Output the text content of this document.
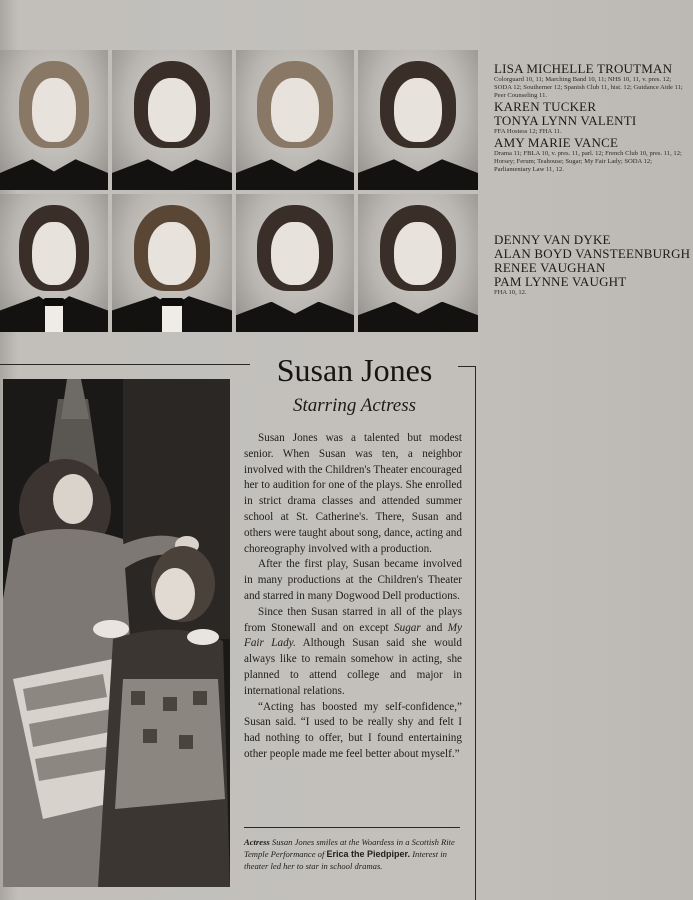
LISA MICHELLE TROUTMAN
Colorguard 10, 11; Marching Band 10, 11; NHS 10, 11, v. pres. 12; SODA 12; Southerner 12; Spanish Club 11, hist. 12; Guidance Aide 11; Peer Counseling 11.
KAREN TUCKER
TONYA LYNN VALENTI
FFA Hostess 12; FHA 11.
AMY MARIE VANCE
Drama 11; FBLA 10, v. pres. 11, parl. 12; French Club 10, pres. 11, 12; Horsey; Ferum; Teahouse; Sugar; My Fair Lady; SODA 12; Parliamentary Law 11, 12.
DENNY VAN DYKE
ALAN BOYD VANSTEENBURGH
RENEE VAUGHAN
PAM LYNNE VAUGHT
FHA 10, 12.
Susan Jones
Starring Actress

Susan Jones was a talented but modest senior. When Susan was ten, a neighbor involved with the Children's Theater encouraged her to audition for one of the plays. She enrolled in strict drama classes and attended summer school at St. Catherine's. There, Susan and others were taught about song, dance, acting and choreography involved with a production.

After the first play, Susan became involved in many productions at the Children's Theater and starred in many Dogwood Dell productions.

Since then Susan starred in all of the plays from Stonewall and on except Sugar and My Fair Lady. Although Susan said she would always like to remain somehow in acting, she planned to attend college and major in international relations.

“Acting has boosted my self-confidence,” Susan said. “I used to be really shy and felt I had nothing to offer, but I found entertaining other people made me feel better about myself.”

Actress Susan Jones smiles at the Woardess in a Scottish Rite Temple Performance of Erica the Piedpiper. Interest in theater led her to star in school dramas.
